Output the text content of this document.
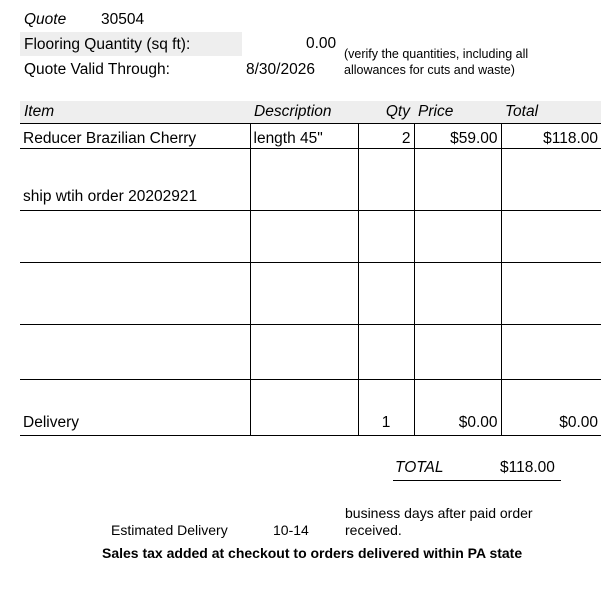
Quote 30504
Flooring Quantity (sq ft):	0.00
(verify the quantities, including all
allowances for cuts and waste)
Quote Valid Through:	8/30/2026
Item	Description	Qty	Price	Total
Reducer Brazilian Cherry	length 45"	2	$59.00	$118.00
ship wtih order 20202921				

Delivery		1	$0.00	$0.00
TOTAL	$118.00
business days after paid order
Estimated Delivery	10-14	received.
Sales tax added at checkout to orders delivered within PA state
